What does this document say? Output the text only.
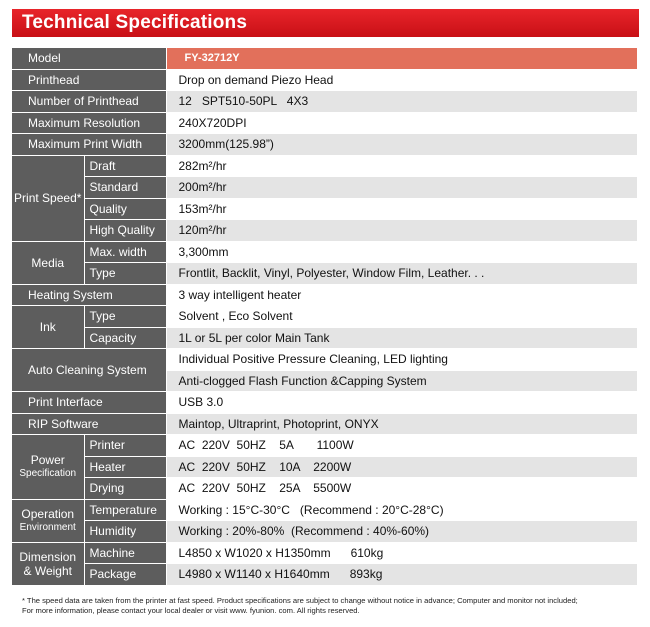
Technical Specifications
Model		FY-32712Y
Printhead		Drop on demand Piezo Head
Number of Printhead		12   SPT510-50PL   4X3
Maximum Resolution		240X720DPI
Maximum Print Width		3200mm(125.98”)
Print Speed*	Draft	282m²/hr
	Standard	200m²/hr
	Quality	153m²/hr
	High Quality	120m²/hr
Media	Max. width	3,300mm
	Type	Frontlit, Backlit, Vinyl, Polyester, Window Film, Leather. . .
Heating System		3 way intelligent heater
Ink	Type	Solvent , Eco Solvent
	Capacity	1L or 5L per color Main Tank
Auto Cleaning System		Individual Positive Pressure Cleaning, LED lighting
		Anti-clogged Flash Function &Capping System
Print Interface		USB 3.0
RIP Software		Maintop, Ultraprint, Photoprint, ONYX

Power
Specification	Printer	AC  220V  50HZ    5A       1100W
	Heater	AC  220V  50HZ    10A    2200W
	Drying	AC  220V  50HZ    25A    5500W

Operation
Environment	Temperature	Working : 15°C-30°C   (Recommend : 20°C-28°C)
	Humidity	Working : 20%-80%  (Recommend : 40%-60%)

Dimension
& Weight	Machine	L4850 x W1020 x H1350mm      610kg
	Package	L4980 x W1140 x H1640mm      893kg
* The speed data are taken from the printer at fast speed. Product specifications are subject to change without notice in advance; Computer and monitor not included;
For more information, please contact your local dealer or visit www. fyunion. com. All rights reserved.
